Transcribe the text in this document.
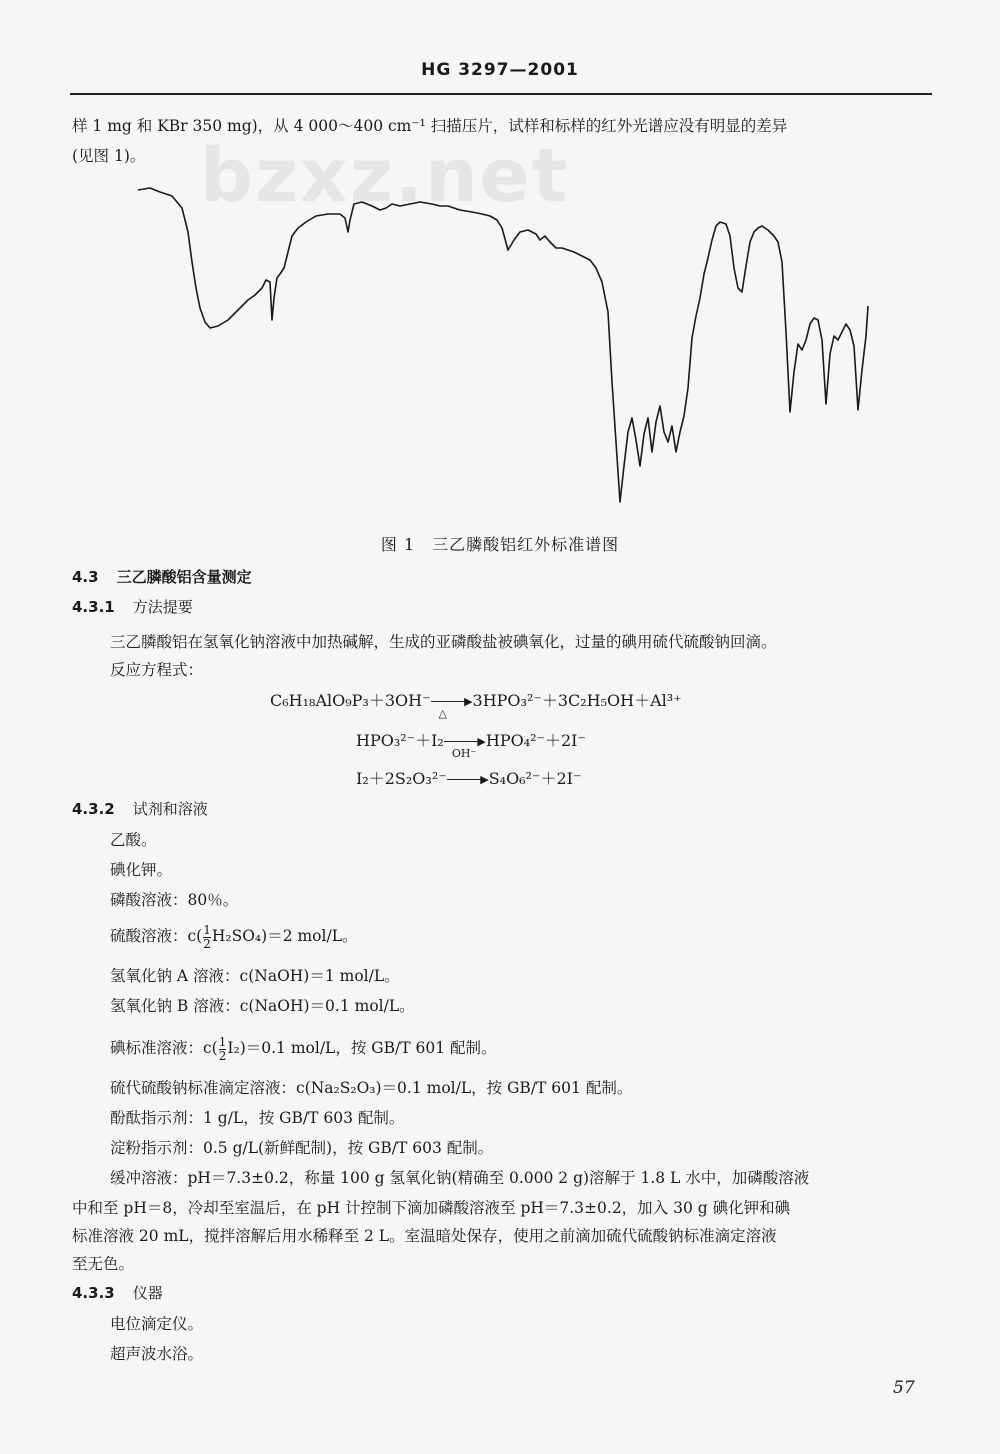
HG 3297—2001
bzxz.net
样 1 mg 和 KBr 350 mg)，从 4 000～400 cm⁻¹ 扫描压片，试样和标样的红外光谱应没有明显的差异
(见图 1)。
图 1　三乙膦酸铝红外标准谱图
4.3 三乙膦酸铝含量测定
4.3.1 方法提要
三乙膦酸铝在氢氧化钠溶液中加热碱解，生成的亚磷酸盐被碘氧化，过量的碘用硫代硫酸钠回滴。
反应方程式：
C₆H₁₈AlO₉P₃＋3OH⁻	▶
△
3HPO₃²⁻＋3C₂H₅OH＋Al³⁺
HPO₃²⁻＋I₂	▶
OH⁻
HPO₄²⁻＋2I⁻
I₂＋2S₂O₃²⁻	▶ S₄O₆²⁻＋2I⁻
4.3.2 试剂和溶液
乙酸。
碘化钾。
磷酸溶液：80％。
硫酸溶液：$c( \frac{1}{2} H_2SO_4)=2$ mol/L。
氢氧化钠 A 溶液：c(NaOH)＝1 mol/L。
氢氧化钠 B 溶液：c(NaOH)＝0.1 mol/L。
碘标准溶液：$c( \frac{1}{2} I_2)=0.1$ mol/L，按 GB/T 601 配制。
硫代硫酸钠标准滴定溶液：c(Na₂S₂O₃)＝0.1 mol/L，按 GB/T 601 配制。
酚酞指示剂：1 g/L，按 GB/T 603 配制。
淀粉指示剂：0.5 g/L(新鲜配制)，按 GB/T 603 配制。
缓冲溶液：pH＝7.3±0.2，称量 100 g 氢氧化钠(精确至 0.000 2 g)溶解于 1.8 L 水中，加磷酸溶液
中和至 pH＝8，冷却至室温后，在 pH 计控制下滴加磷酸溶液至 pH＝7.3±0.2，加入 30 g 碘化钾和碘
标准溶液 20 mL，搅拌溶解后用水稀释至 2 L。室温暗处保存，使用之前滴加硫代硫酸钠标准滴定溶液
至无色。
4.3.3 仪器
电位滴定仪。
超声波水浴。
57
